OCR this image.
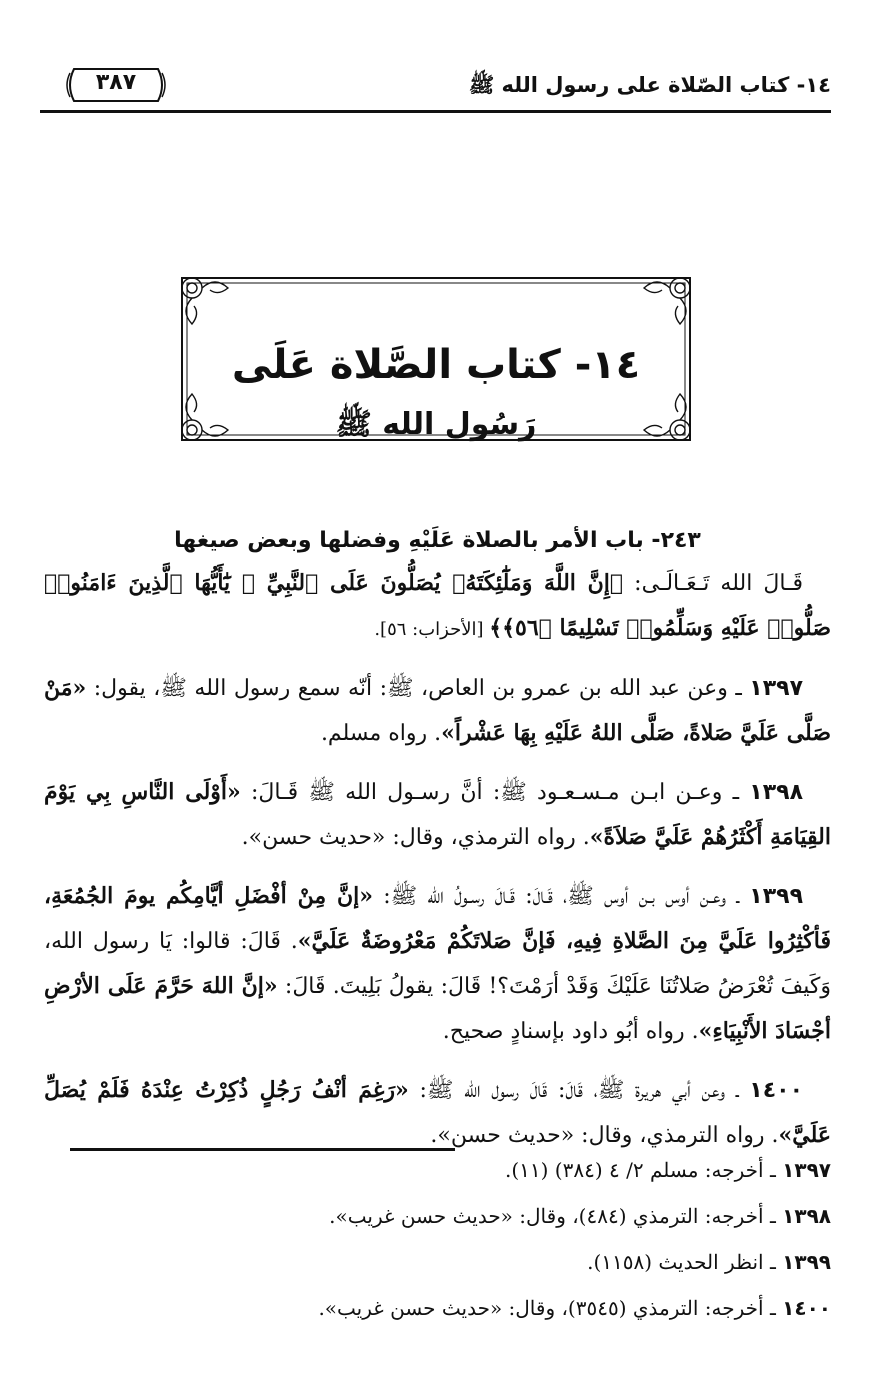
١٤- كتاب الصّلاة على رسول الله ﷺ
٣٨٧
١٤- كتاب الصَّلاة عَلَى
رَسُول الله ﷺ
٢٤٣- باب الأمر بالصلاة عَلَيْهِ وفضلها وبعض صيغها

قَـالَ الله تَـعَـالَـى: ﴿إِنَّ اللَّهَ وَمَلَٰٓئِكَتَهُۥ يُصَلُّونَ عَلَى ٱلنَّبِيِّ ۚ يَٰٓأَيُّهَا ٱلَّذِينَ ءَامَنُوا۟ صَلُّوا۟ عَلَيْهِ وَسَلِّمُوا۟ تَسْلِيمًا ﴿٥٦﴾﴾ [الأحزاب: ٥٦].

١٣٩٧ ـ وعن عبد الله بن عمرو بن العاص، ﷺ: أنّه سمع رسول الله ﷺ، يقول: «مَنْ صَلَّى عَلَيَّ صَلاةً، صَلَّى اللهُ عَلَيْهِ بِهَا عَشْراً». رواه مسلم.

١٣٩٨ ـ وعـن ابـن مـسـعـود ﷺ: أنَّ رسـول الله ﷺ قَـالَ: «أَوْلَى النَّاسِ بِي يَوْمَ القِيَامَةِ أَكْثَرُهُمْ عَلَيَّ صَلاَةً». رواه الترمذي، وقال: «حديث حسن».

١٣٩٩ ـ وعـن أوس بـن أوس ﷺ، قَـالَ: قَـالَ رسـولُ الله ﷺ: «إنَّ مِنْ أفْضَلِ أيَّامِكُم يومَ الجُمُعَةِ، فَأكْثِرُوا عَلَيَّ مِنَ الصَّلاةِ فِيهِ، فَإنَّ صَلاتَكُمْ مَعْرُوضَةٌ عَلَيَّ». قَالَ: قالوا: يَا رسول الله، وَكَيفَ تُعْرَضُ صَلاتُنَا عَلَيْكَ وَقَدْ أرَمْتَ؟! قَالَ: يقولُ بَلِيتَ. قَالَ: «إنَّ اللهَ حَرَّمَ عَلَى الأرْضِ أجْسَادَ الأَنْبِيَاءِ». رواه أبُو داود بإسنادٍ صحيح.

١٤٠٠ ـ وعن أبي هريرة ﷺ، قَالَ: قَالَ رسول الله ﷺ: «رَغِمَ أنْفُ رَجُلٍ ذُكِرْتُ عِنْدَهُ فَلَمْ يُصَلِّ عَلَيَّ». رواه الترمذي، وقال: «حديث حسن».

١٣٩٧ ـ أخرجه: مسلم ٢/ ٤ (٣٨٤) (١١).
١٣٩٨ ـ أخرجه: الترمذي (٤٨٤)، وقال: «حديث حسن غريب».
١٣٩٩ ـ انظر الحديث (١١٥٨).
١٤٠٠ ـ أخرجه: الترمذي (٣٥٤٥)، وقال: «حديث حسن غريب».
